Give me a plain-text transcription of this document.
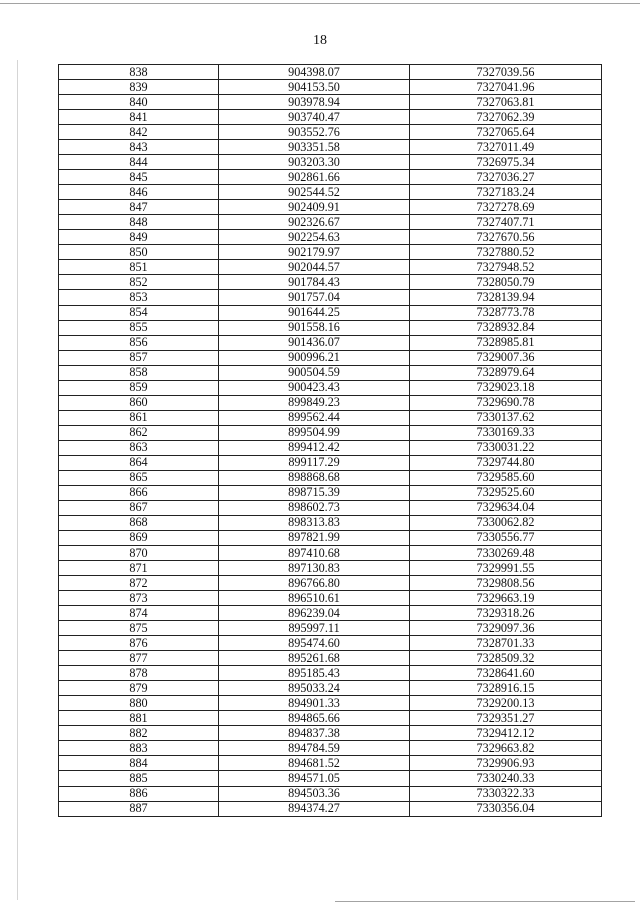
18
838	904398.07	7327039.56
839	904153.50	7327041.96
840	903978.94	7327063.81
841	903740.47	7327062.39
842	903552.76	7327065.64
843	903351.58	7327011.49
844	903203.30	7326975.34
845	902861.66	7327036.27
846	902544.52	7327183.24
847	902409.91	7327278.69
848	902326.67	7327407.71
849	902254.63	7327670.56
850	902179.97	7327880.52
851	902044.57	7327948.52
852	901784.43	7328050.79
853	901757.04	7328139.94
854	901644.25	7328773.78
855	901558.16	7328932.84
856	901436.07	7328985.81
857	900996.21	7329007.36
858	900504.59	7328979.64
859	900423.43	7329023.18
860	899849.23	7329690.78
861	899562.44	7330137.62
862	899504.99	7330169.33
863	899412.42	7330031.22
864	899117.29	7329744.80
865	898868.68	7329585.60
866	898715.39	7329525.60
867	898602.73	7329634.04
868	898313.83	7330062.82
869	897821.99	7330556.77
870	897410.68	7330269.48
871	897130.83	7329991.55
872	896766.80	7329808.56
873	896510.61	7329663.19
874	896239.04	7329318.26
875	895997.11	7329097.36
876	895474.60	7328701.33
877	895261.68	7328509.32
878	895185.43	7328641.60
879	895033.24	7328916.15
880	894901.33	7329200.13
881	894865.66	7329351.27
882	894837.38	7329412.12
883	894784.59	7329663.82
884	894681.52	7329906.93
885	894571.05	7330240.33
886	894503.36	7330322.33
887	894374.27	7330356.04
